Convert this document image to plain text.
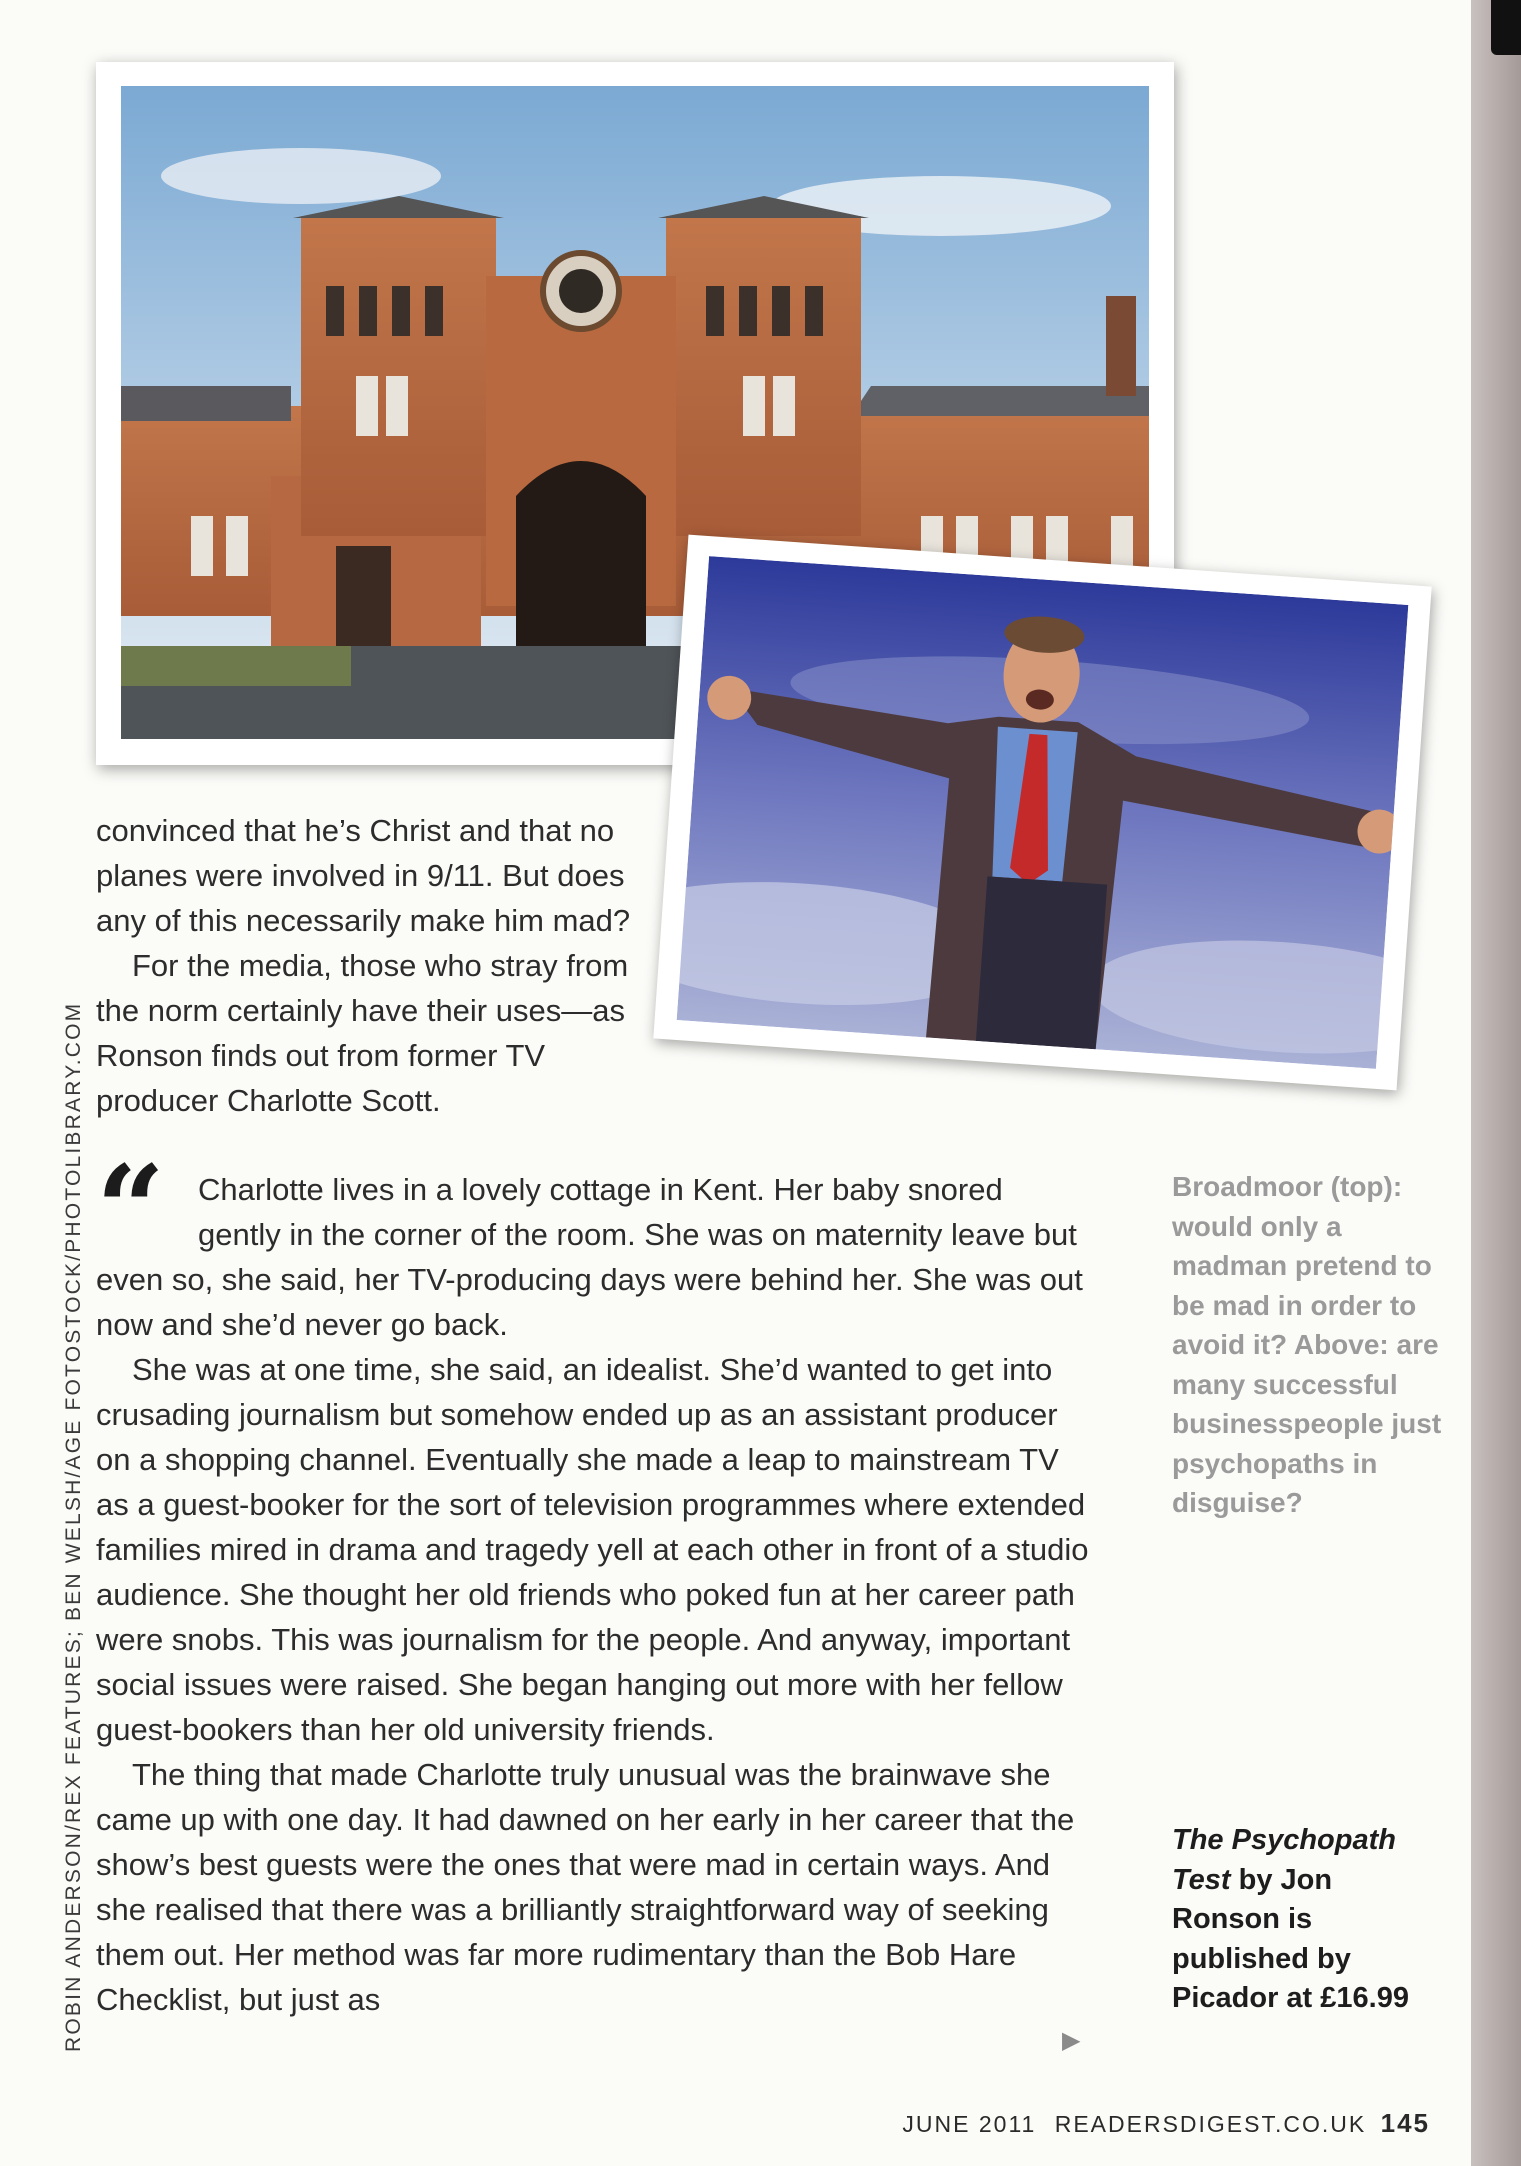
ROBIN ANDERSON/REX FEATURES; BEN WELSH/AGE FOTOSTOCK/PHOTOLIBRARY.COM

convinced that he’s Christ and that no planes were involved in 9/11. But does any of this necessarily make him mad?

For the media, those who stray from the norm certainly have their uses—as Ronson finds out from former TV producer Charlotte Scott.

“	Charlotte lives in a lovely cottage in Kent. Her baby snored gently in the corner of the room. She was on maternity leave but even so, she said, her TV-producing days were behind her. She was out now and she’d never go back.

She was at one time, she said, an idealist. She’d wanted to get into crusading journalism but somehow ended up as an assistant producer on a shopping channel. Eventually she made a leap to mainstream TV as a guest-booker for the sort of television programmes where extended families mired in drama and tragedy yell at each other in front of a studio audience. She thought her old friends who poked fun at her career path were snobs. This was journalism for the people. And anyway, important social issues were raised. She began hanging out more with her fellow guest-bookers than her old university friends.

The thing that made Charlotte truly unusual was the brainwave she came up with one day. It had dawned on her early in her career that the show’s best guests were the ones that were mad in certain ways. And she realised that there was a brilliantly straightforward way of seeking them out. Her method was far more rudimentary than the Bob Hare Checklist, but just as

▶
Broadmoor (top): would only a madman pretend to be mad in order to avoid it? Above: are many successful businesspeople just psychopaths in disguise?
The Psychopath Test by Jon Ronson is published by Picador at £16.99
JUNE 2011 READERSDIGEST.CO.UK 145
